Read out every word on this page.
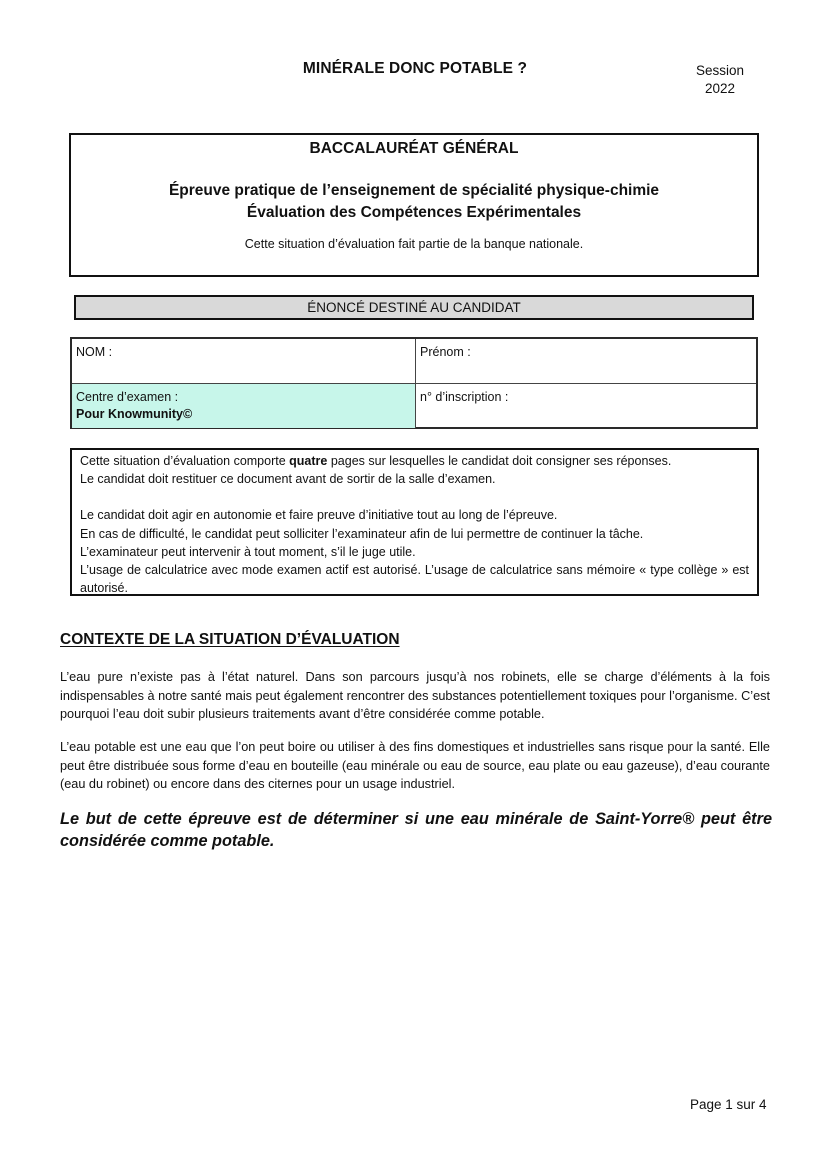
MINÉRALE DONC POTABLE ?	Session
2022
BACCALAURÉAT GÉNÉRAL
Épreuve pratique de l’enseignement de spécialité physique-chimie
Évaluation des Compétences Expérimentales
Cette situation d’évaluation fait partie de la banque nationale.
ÉNONCÉ DESTINÉ AU CANDIDAT
NOM :	Prénom :
Centre d’examen :
Pour Knowmunity©
n° d’inscription :

Cette situation d’évaluation comporte quatre pages sur lesquelles le candidat doit consigner ses réponses.

Le candidat doit restituer ce document avant de sortir de la salle d’examen.

Le candidat doit agir en autonomie et faire preuve d’initiative tout au long de l’épreuve.

En cas de difficulté, le candidat peut solliciter l’examinateur afin de lui permettre de continuer la tâche.

L’examinateur peut intervenir à tout moment, s’il le juge utile.

L’usage de calculatrice avec mode examen actif est autorisé. L’usage de calculatrice sans mémoire « type collège » est autorisé.

CONTEXTE DE LA SITUATION D’ÉVALUATION

L’eau pure n’existe pas à l’état naturel. Dans son parcours jusqu’à nos robinets, elle se charge d’éléments à la fois indispensables à notre santé mais peut également rencontrer des substances potentiellement toxiques pour l’organisme. C’est pourquoi l’eau doit subir plusieurs traitements avant d’être considérée comme potable.

L’eau potable est une eau que l’on peut boire ou utiliser à des fins domestiques et industrielles sans risque pour la santé. Elle peut être distribuée sous forme d’eau en bouteille (eau minérale ou eau de source, eau plate ou eau gazeuse), d’eau courante (eau du robinet) ou encore dans des citernes pour un usage industriel.

Le but de cette épreuve est de déterminer si une eau minérale de Saint-Yorre® peut être considérée comme potable.

Page 1 sur 4
